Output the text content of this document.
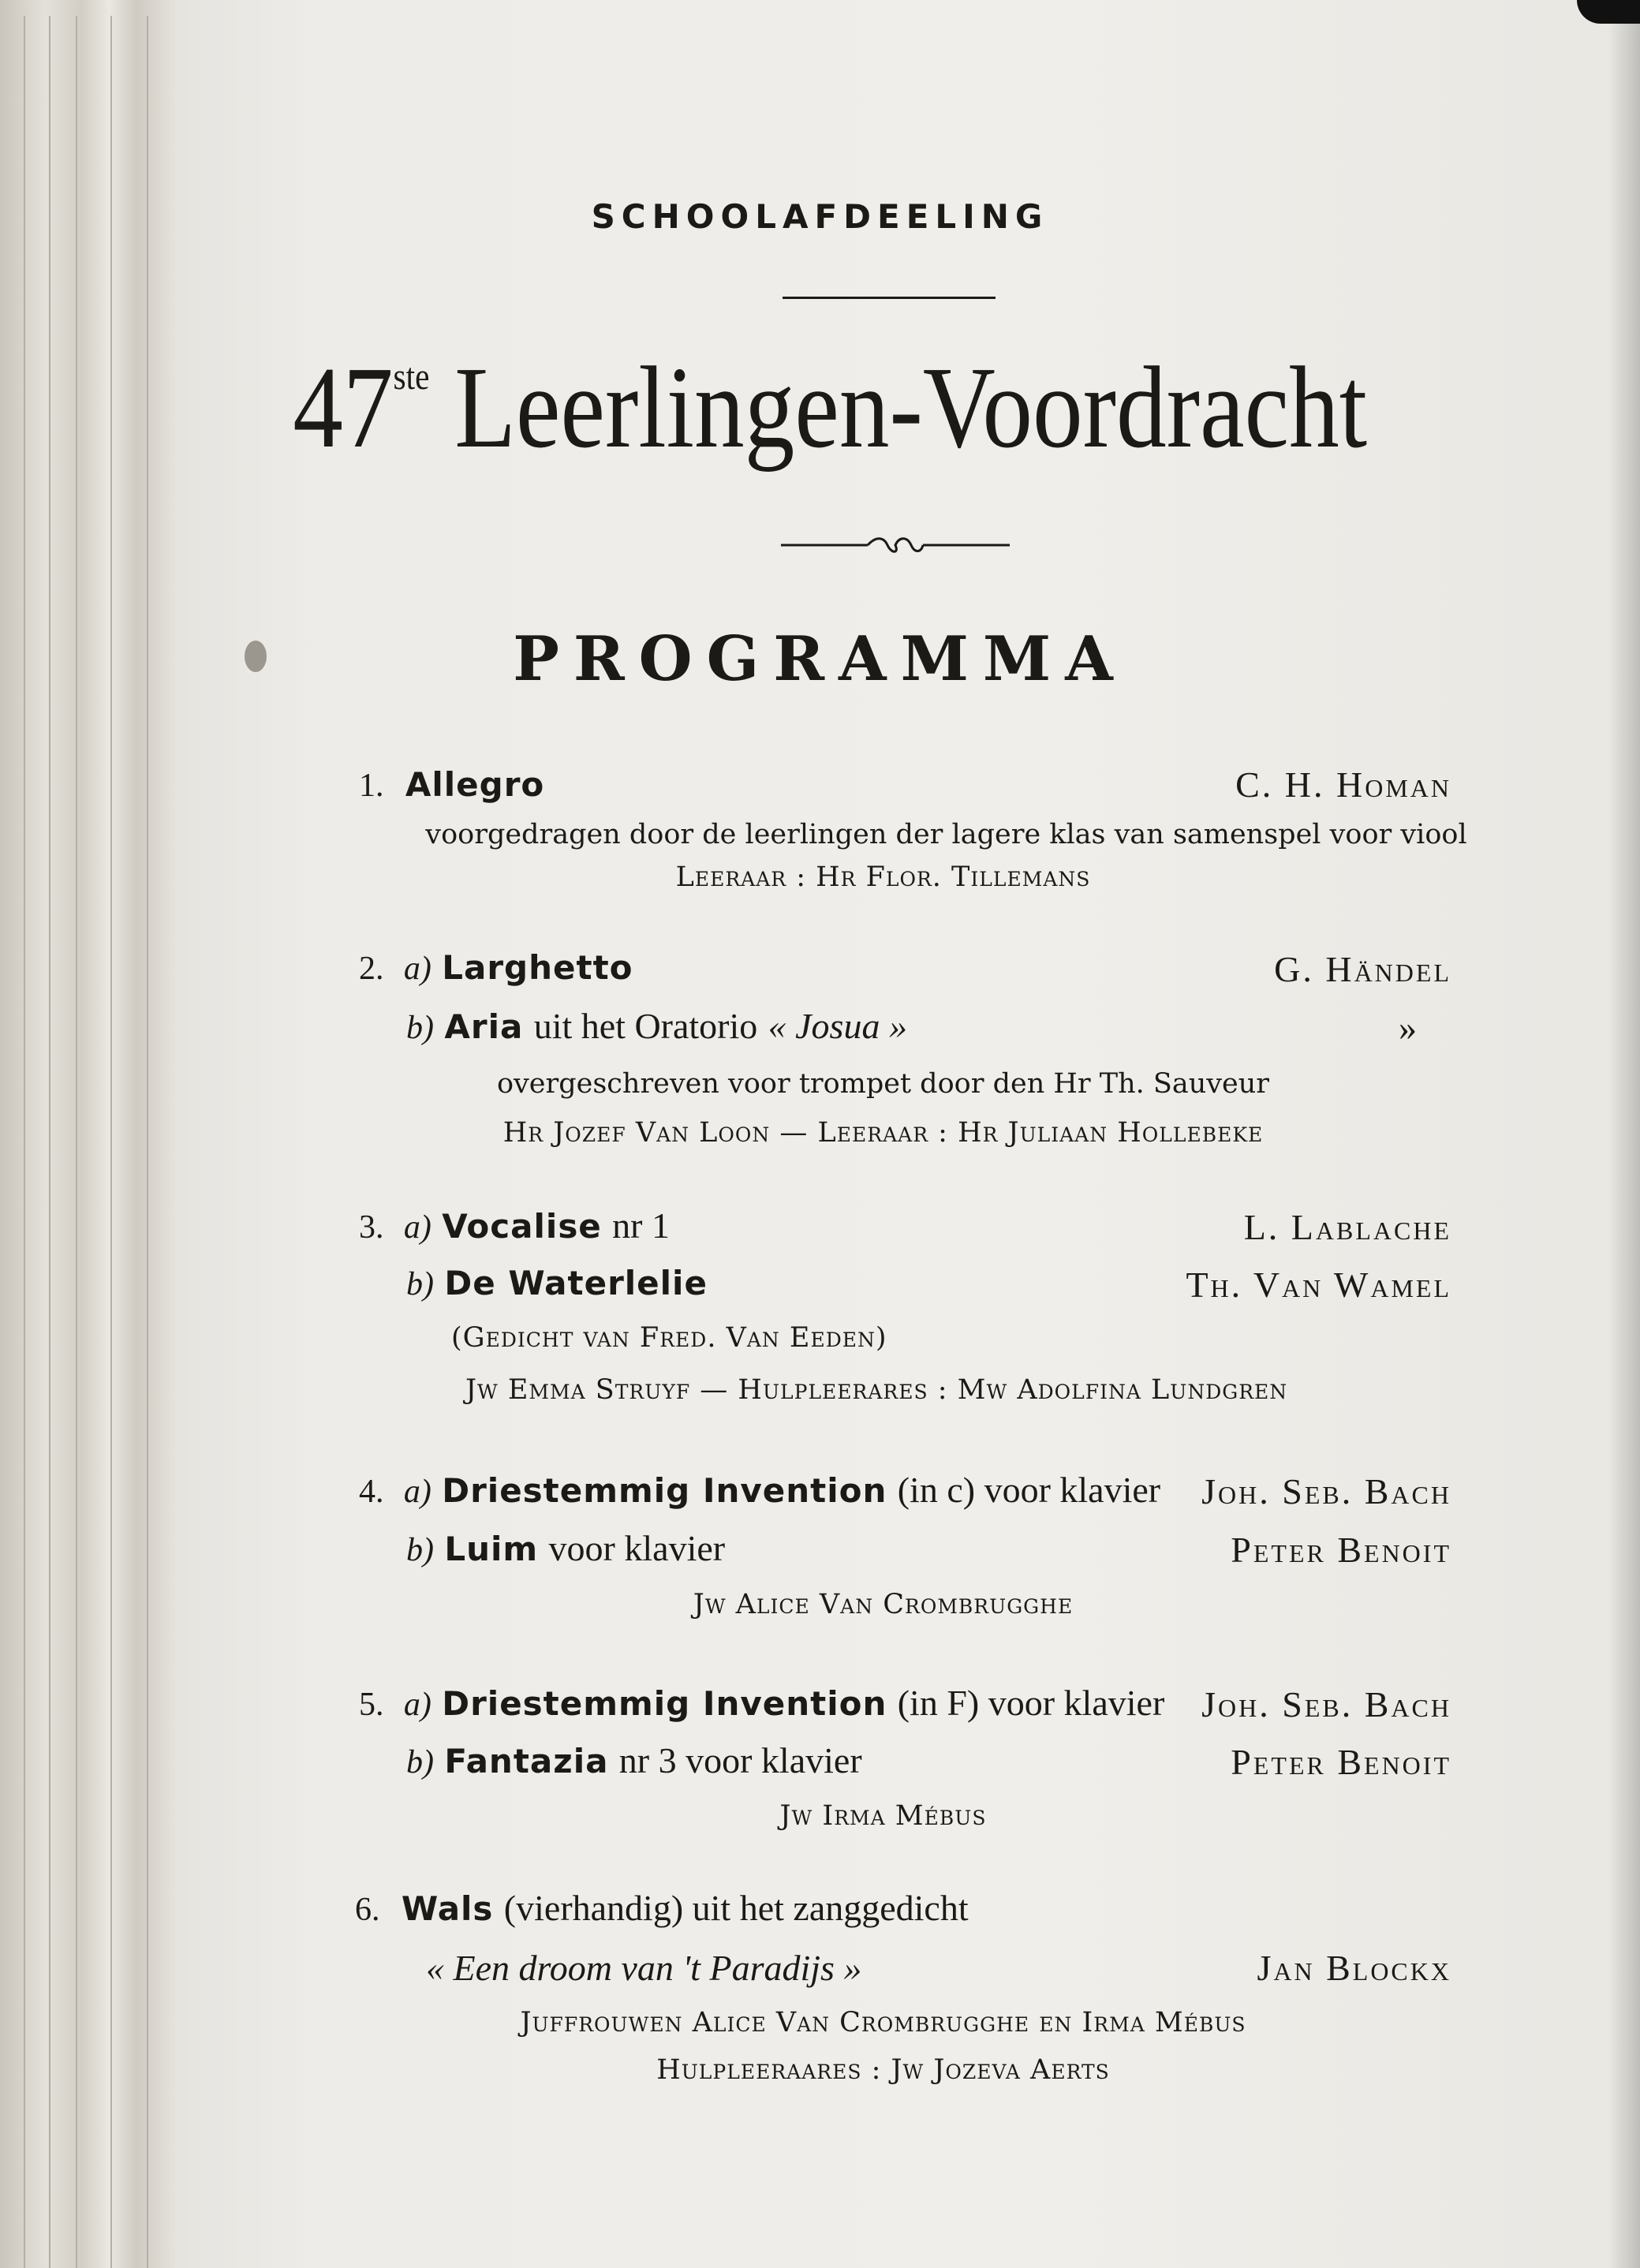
SCHOOLAFDEELING
47ste Leerlingen-Voordracht
PROGRAMMA
1. Allegro	C. H. Homan
voorgedragen door de leerlingen der lagere klas van samenspel voor viool
Leeraar : Hr Flor. Tillemans
2. a) Larghetto	G. Händel
b) Aria uit het Oratorio « Josua »	»
overgeschreven voor trompet door den Hr Th. Sauveur
Hr Jozef Van Loon — Leeraar : Hr Juliaan Hollebeke
3. a) Vocalise nr 1	L. Lablache
b) De Waterlelie	Th. Van Wamel
(Gedicht van Fred. Van Eeden)
Jw Emma Struyf — Hulpleerares : Mw Adolfina Lundgren
4. a) Driestemmig Invention (in c) voor klavier Joh. Seb. Bach
b) Luim voor klavier	Peter Benoit
Jw Alice Van Crombrugghe
5. a) Driestemmig Invention (in F) voor klavier Joh. Seb. Bach
b) Fantazia nr 3 voor klavier	Peter Benoit
Jw Irma Mébus
6. Wals (vierhandig) uit het zanggedicht
« Een droom van 't Paradijs »	Jan Blockx
Juffrouwen Alice Van Crombrugghe en Irma Mébus
Hulpleeraares : Jw Jozeva Aerts
